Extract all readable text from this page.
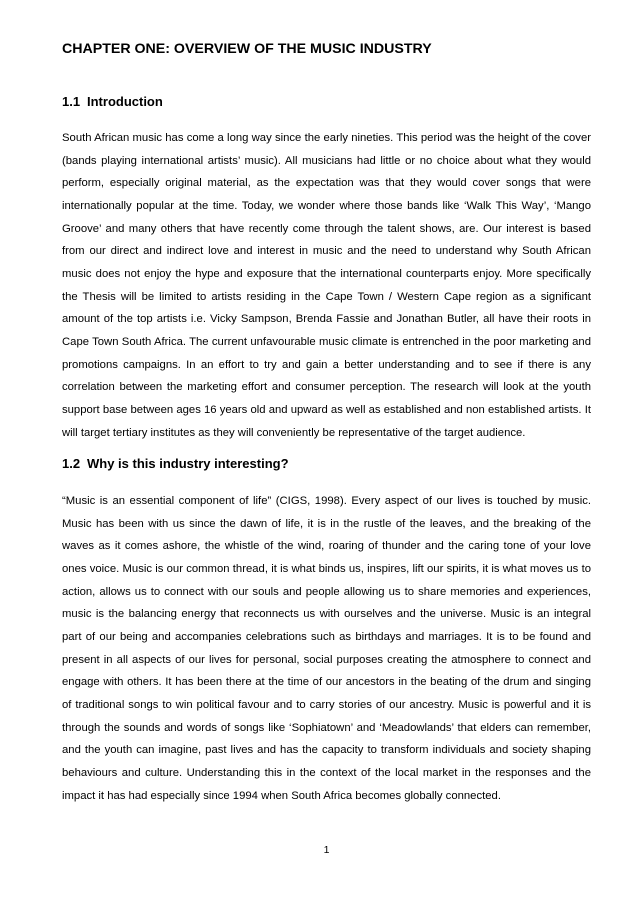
CHAPTER ONE: OVERVIEW OF THE MUSIC INDUSTRY
1.1 Introduction

South African music has come a long way since the early nineties. This period was the height of the cover (bands playing international artists’ music). All musicians had little or no choice about what they would perform, especially original material, as the expectation was that they would cover songs that were internationally popular at the time. Today, we wonder where those bands like ‘Walk This Way’, ‘Mango Groove’ and many others that have recently come through the talent shows, are. Our interest is based from our direct and indirect love and interest in music and the need to understand why South African music does not enjoy the hype and exposure that the international counterparts enjoy. More specifically the Thesis will be limited to artists residing in the Cape Town / Western Cape region as a significant amount of the top artists i.e. Vicky Sampson, Brenda Fassie and Jonathan Butler, all have their roots in Cape Town South Africa. The current unfavourable music climate is entrenched in the poor marketing and promotions campaigns. In an effort to try and gain a better understanding and to see if there is any correlation between the marketing effort and consumer perception. The research will look at the youth support base between ages 16 years old and upward as well as established and non established artists. It will target tertiary institutes as they will conveniently be representative of the target audience.

1.2 Why is this industry interesting?

“Music is an essential component of life” (CIGS, 1998). Every aspect of our lives is touched by music. Music has been with us since the dawn of life, it is in the rustle of the leaves, and the breaking of the waves as it comes ashore, the whistle of the wind, roaring of thunder and the caring tone of your love ones voice. Music is our common thread, it is what binds us, inspires, lift our spirits, it is what moves us to action, allows us to connect with our souls and people allowing us to share memories and experiences, music is the balancing energy that reconnects us with ourselves and the universe. Music is an integral part of our being and accompanies celebrations such as birthdays and marriages. It is to be found and present in all aspects of our lives for personal, social purposes creating the atmosphere to connect and engage with others. It has been there at the time of our ancestors in the beating of the drum and singing of traditional songs to win political favour and to carry stories of our ancestry. Music is powerful and it is through the sounds and words of songs like ‘Sophiatown’ and ‘Meadowlands’ that elders can remember, and the youth can imagine, past lives and has the capacity to transform individuals and society shaping behaviours and culture. Understanding this in the context of the local market in the responses and the impact it has had especially since 1994 when South Africa becomes globally connected.

1
